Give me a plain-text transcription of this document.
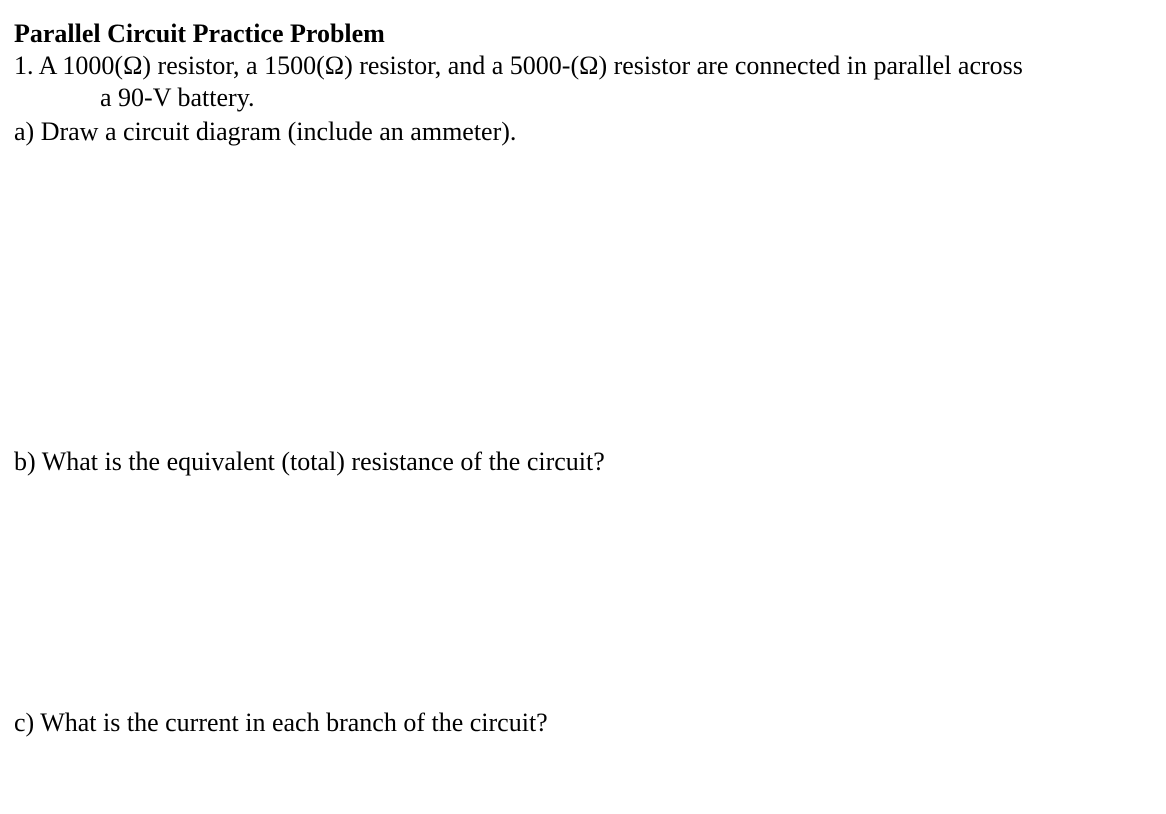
Parallel Circuit Practice Problem
1. A 1000(Ω) resistor, a 1500(Ω) resistor, and a 5000-(Ω) resistor are connected in parallel across
a 90-V battery.
a) Draw a circuit diagram (include an ammeter).
b) What is the equivalent (total) resistance of the circuit?
c) What is the current in each branch of the circuit?
